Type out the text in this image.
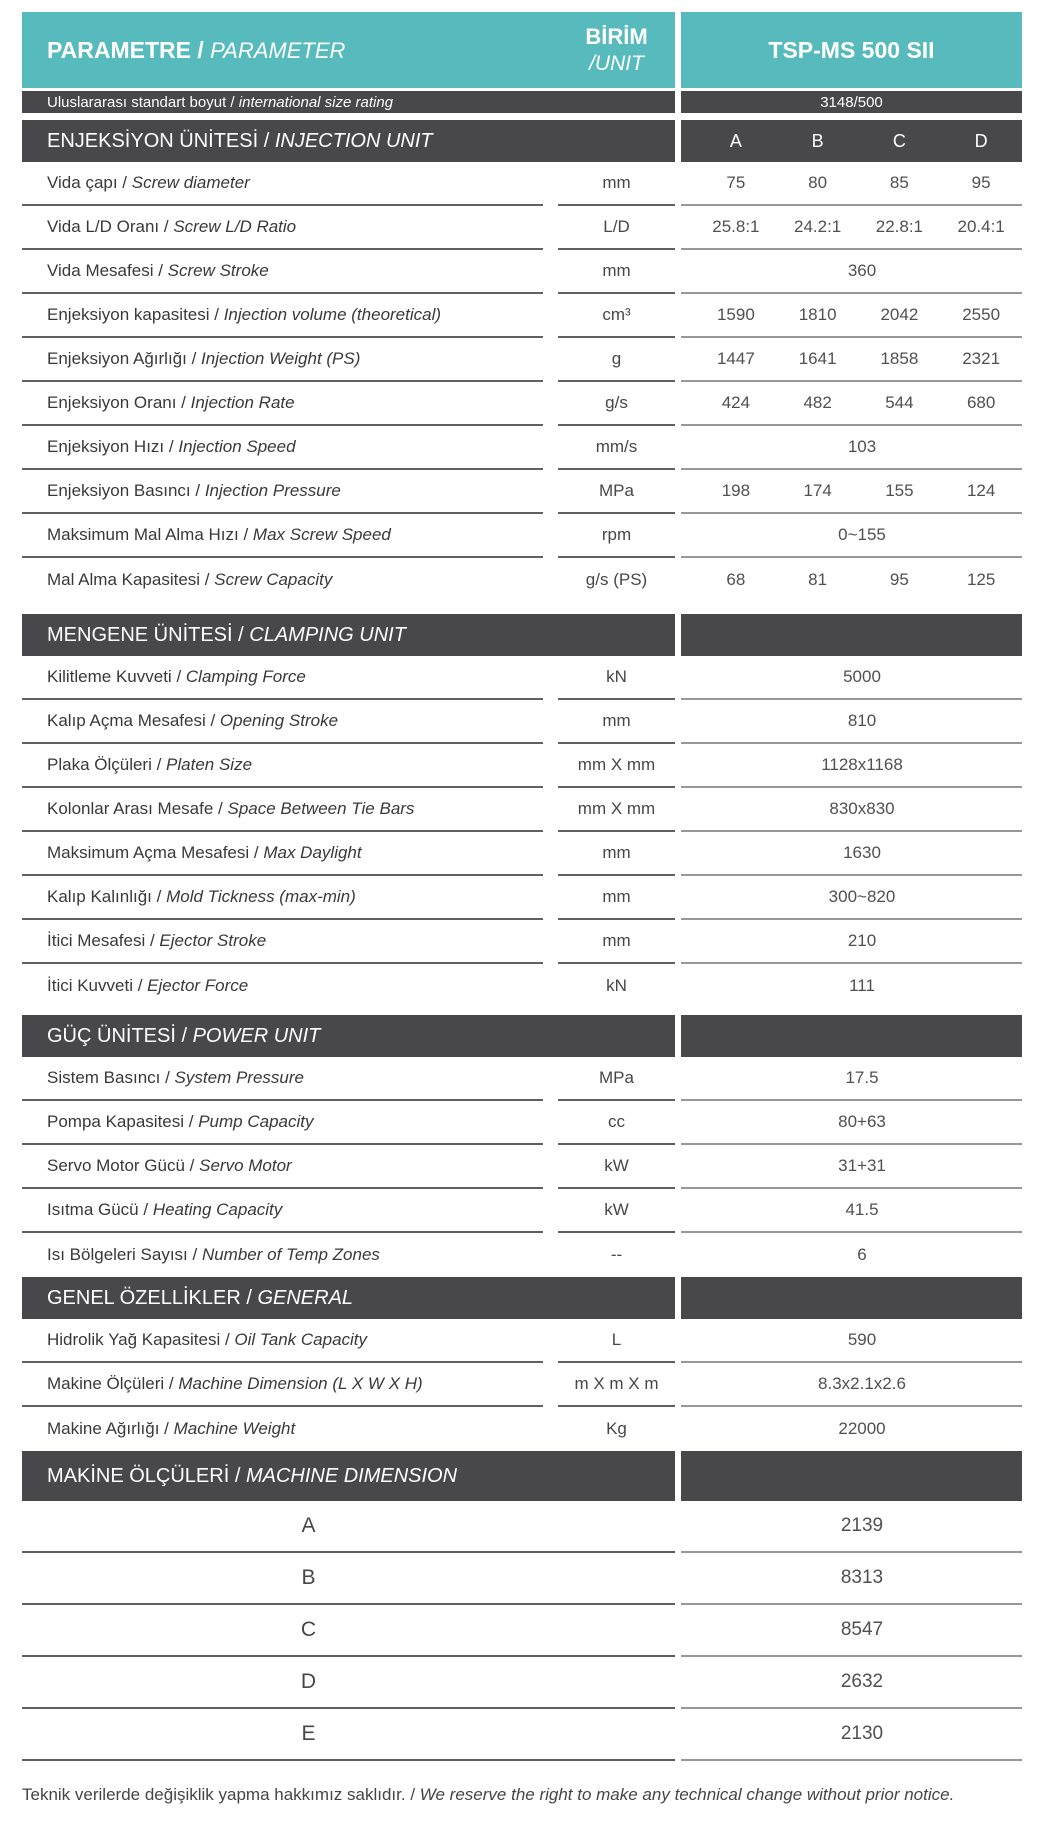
PARAMETRE / PARAMETER
BİRİM
/UNIT
TSP-MS 500 SII
Uluslararası standart boyut / international size rating	3148/500
ENJEKSİYON ÜNİTESİ / INJECTION UNIT	A	B	C	D
Vida çapı / Screw diameter	mm	75	80	85	95
Vida L/D Oranı / Screw L/D Ratio	L/D	25.8:1	24.2:1	22.8:1	20.4:1
Vida Mesafesi / Screw Stroke	mm	360
Enjeksiyon kapasitesi / Injection volume (theoretical)	cm³	1590	1810	2042	2550
Enjeksiyon Ağırlığı / Injection Weight (PS)	g	1447	1641	1858	2321
Enjeksiyon Oranı / Injection Rate	g/s	424	482	544	680
Enjeksiyon Hızı / Injection Speed	mm/s	103
Enjeksiyon Basıncı / Injection Pressure	MPa	198	174	155	124
Maksimum Mal Alma Hızı / Max Screw Speed	rpm	0~155
Mal Alma Kapasitesi / Screw Capacity	g/s (PS)	68	81	95	125
MENGENE ÜNİTESİ / CLAMPING UNIT
Kilitleme Kuvveti / Clamping Force	kN	5000
Kalıp Açma Mesafesi / Opening Stroke	mm	810
Plaka Ölçüleri / Platen Size	mm X mm	1128x1168
Kolonlar Arası Mesafe / Space Between Tie Bars	mm X mm	830x830
Maksimum Açma Mesafesi / Max Daylight	mm	1630
Kalıp Kalınlığı / Mold Tickness (max-min)	mm	300~820
İtici Mesafesi / Ejector Stroke	mm	210
İtici Kuvveti / Ejector Force	kN	111
GÜÇ ÜNİTESİ / POWER UNIT
Sistem Basıncı / System Pressure	MPa	17.5
Pompa Kapasitesi / Pump Capacity	cc	80+63
Servo Motor Gücü / Servo Motor	kW	31+31
Isıtma Gücü / Heating Capacity	kW	41.5
Isı Bölgeleri Sayısı / Number of Temp Zones	--	6
GENEL ÖZELLİKLER / GENERAL
Hidrolik Yağ Kapasitesi / Oil Tank Capacity	L	590
Makine Ölçüleri / Machine Dimension (L X W X H)	m X m X m	8.3x2.1x2.6
Makine Ağırlığı / Machine Weight	Kg	22000
MAKİNE ÖLÇÜLERİ / MACHINE DIMENSION
A	2139
B	8313
C	8547
D	2632
E	2130
Teknik verilerde değişiklik yapma hakkımız saklıdır. / We reserve the right to make any technical change without prior notice.
